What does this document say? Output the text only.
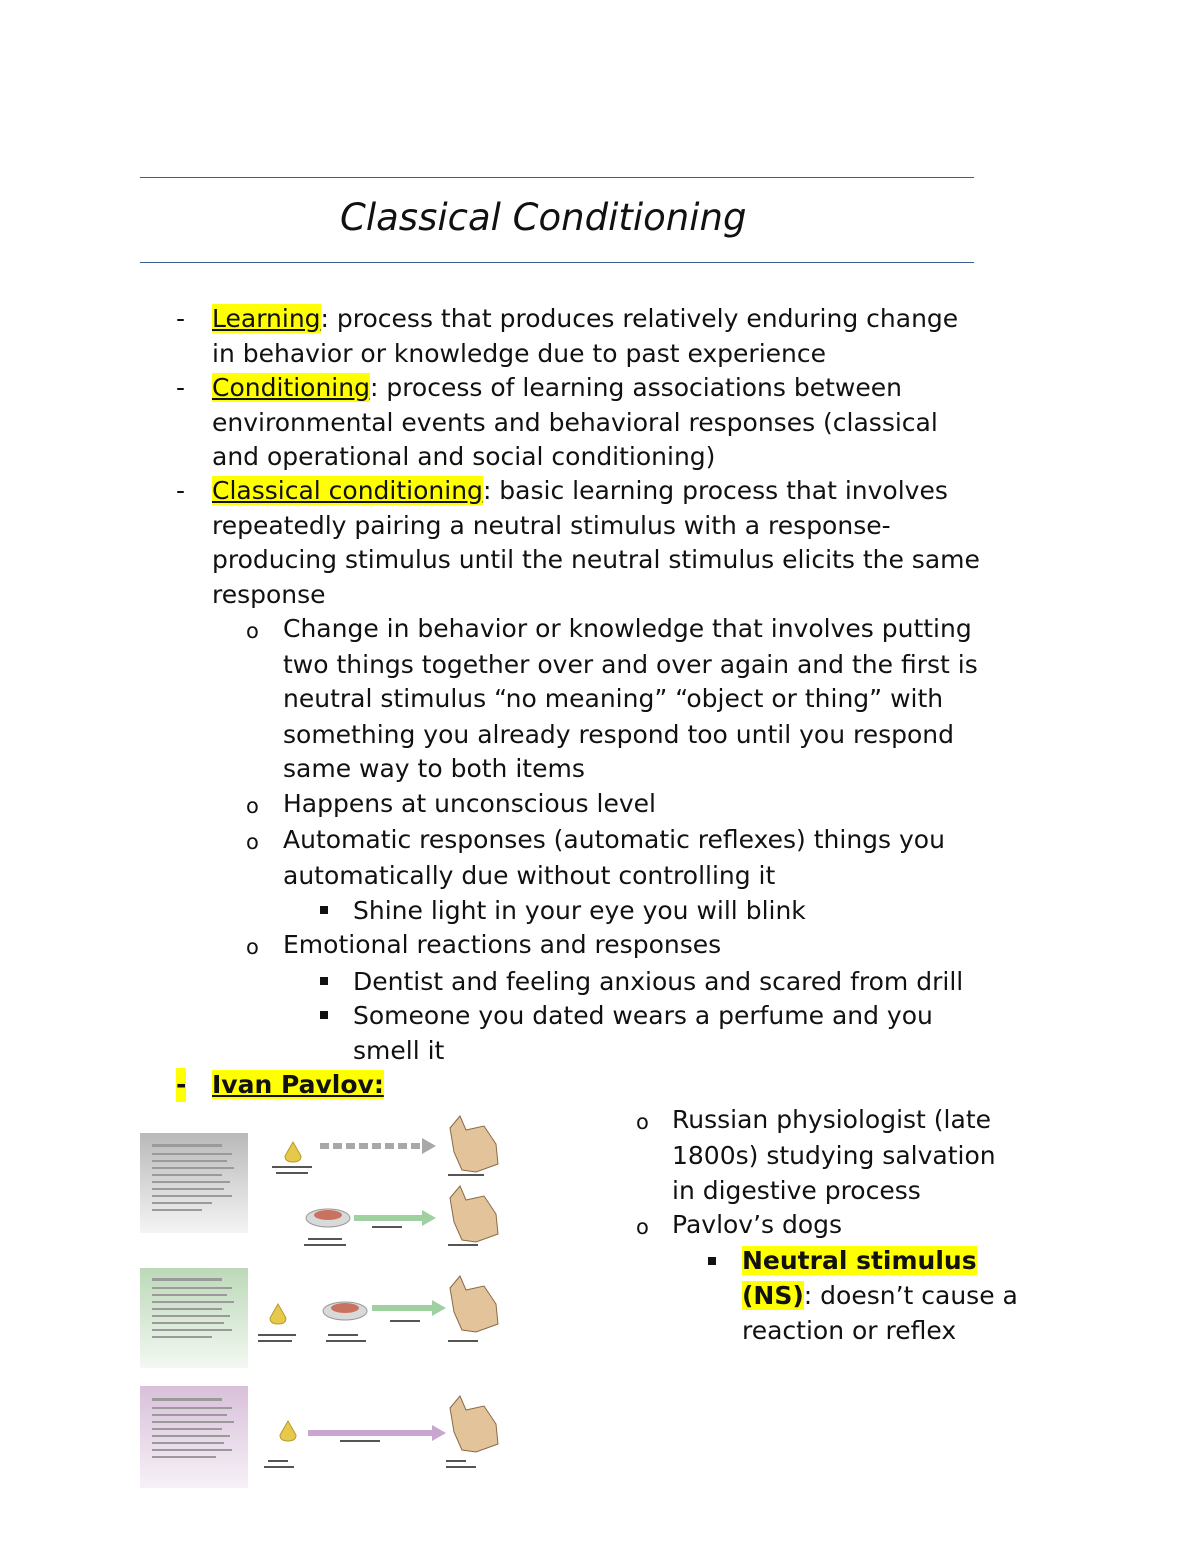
Classical Conditioning
- Learning: process that produces relatively enduring change
in behavior or knowledge due to past experience
- Conditioning: process of learning associations between
environmental events and behavioral responses (classical
and operational and social conditioning)
- Classical conditioning: basic learning process that involves
repeatedly pairing a neutral stimulus with a response-
producing stimulus until the neutral stimulus elicits the same
response
o Change in behavior or knowledge that involves putting
two things together over and over again and the first is
neutral stimulus “no meaning” “object or thing” with
something you already respond too until you respond
same way to both items
o Happens at unconscious level
o Automatic responses (automatic reflexes) things you
automatically due without controlling it
Shine light in your eye you will blink
o Emotional reactions and responses
Dentist and feeling anxious and scared from drill
Someone you dated wears a perfume and you
smell it
- Ivan Pavlov:
o Russian physiologist (late
1800s) studying salvation
in digestive process
o Pavlov’s dogs
Neutral stimulus
(NS): doesn’t cause a
reaction or reflex
